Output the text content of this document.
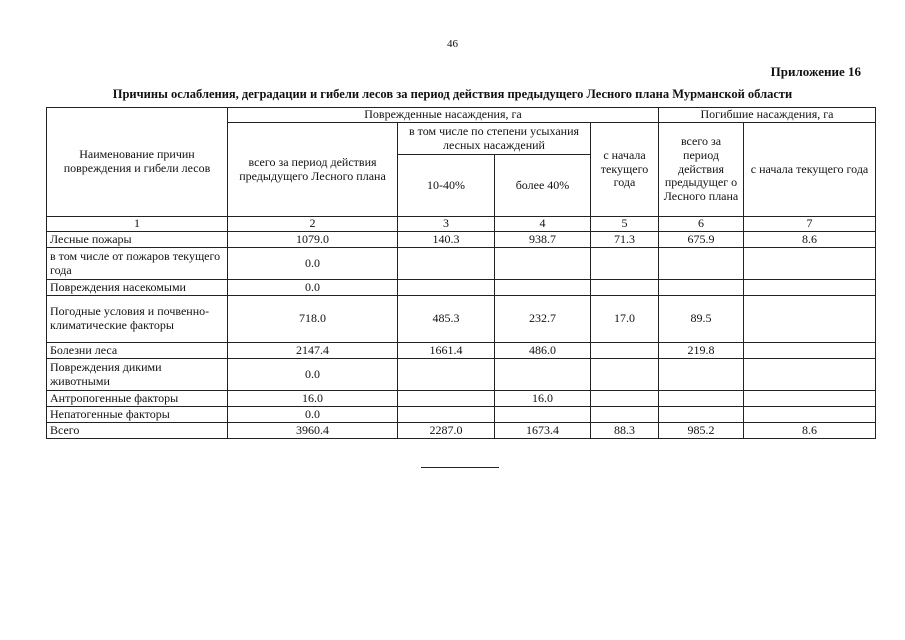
46
Приложение 16
Причины ослабления, деградации и гибели лесов за период действия предыдущего Лесного плана Мурманской области
Наименование причин повреждения и гибели лесов	Поврежденные насаждения, га				Погибшие насаждения, га	
	всего за период действия предыдущего Лесного плана	в том числе по степени усыхания лесных насаждений		с начала текущего года	всего за период действия предыдущег о Лесного плана	с начала текущего года
		10-40%	более 40%			
1	2	3	4	5	6	7
Лесные пожары	1079.0	140.3	938.7	71.3	675.9	8.6
в том числе от пожаров текущего года	0.0					
Повреждения насекомыми	0.0					
Погодные условия и почвенно-климатические факторы	718.0	485.3	232.7	17.0	89.5	
Болезни леса	2147.4	1661.4	486.0		219.8	
Повреждения дикими животными	0.0					
Антропогенные факторы	16.0		16.0			
Непатогенные факторы	0.0					
Всего	3960.4	2287.0	1673.4	88.3	985.2	8.6
